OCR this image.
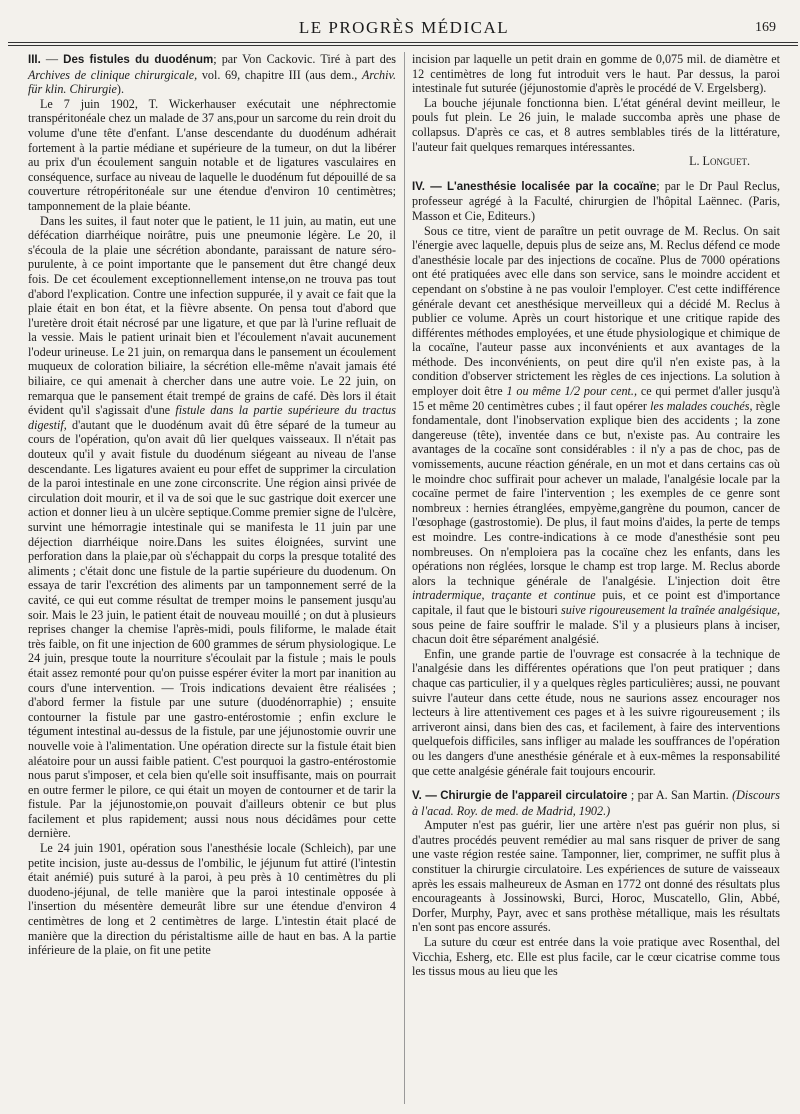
LE PROGRÈS MÉDICAL	169

III. — Des fistules du duodénum; par Von Cackovic. Tiré à part des Archives de clinique chirurgicale, vol. 69, chapitre III (aus dem., Archiv. für klin. Chirurgie).

Le 7 juin 1902, T. Wickerhauser exécutait une néphrectomie transpéritonéale chez un malade de 37 ans,pour un sarcome du rein droit du volume d'une tête d'enfant. L'anse descendante du duodénum adhérait fortement à la partie médiane et supérieure de la tumeur, on dut la libérer au prix d'un écoulement sanguin notable et de ligatures vasculaires en conséquence, surface au niveau de laquelle le duodénum fut dépouillé de sa couverture rétropéritonéale sur une étendue d'environ 10 centimètres; tamponnement de la plaie béante.

Dans les suites, il faut noter que le patient, le 11 juin, au matin, eut une défécation diarrhéique noirâtre, puis une pneumonie légère. Le 20, il s'écoula de la plaie une sécrétion abondante, paraissant de nature séro-purulente, à ce point importante que le pansement dut être changé deux fois. De cet écoulement exceptionnellement intense,on ne trouva pas tout d'abord l'explication. Contre une infection suppurée, il y avait ce fait que la plaie était en bon état, et la fièvre absente. On pensa tout d'abord que l'uretère droit était nécrosé par une ligature, et que par là l'urine refluait de la vessie. Mais le patient urinait bien et l'écoulement n'avait aucunement l'odeur urineuse. Le 21 juin, on remarqua dans le pansement un écoulement muqueux de coloration biliaire, la sécrétion elle-même n'avait jamais été biliaire, ce qui amenait à chercher dans une autre voie. Le 22 juin, on remarqua que le pansement était trempé de grains de café. Dès lors il était évident qu'il s'agissait d'une fistule dans la partie supérieure du tractus digestif, d'autant que le duodénum avait dû être séparé de la tumeur au cours de l'opération, qu'on avait dû lier quelques vaisseaux. Il n'était pas douteux qu'il y avait fistule du duodénum siégeant au niveau de l'anse descendante. Les ligatures avaient eu pour effet de supprimer la circulation de la paroi intestinale en une zone circonscrite. Une région ainsi privée de circulation doit mourir, et il va de soi que le suc gastrique doit exercer une action et donner lieu à un ulcère septique.Comme premier signe de l'ulcère, survint une hémorragie intestinale qui se manifesta le 11 juin par une déjection diarrhéique noire.Dans les suites éloignées, survint une perforation dans la plaie,par où s'échappait du corps la presque totalité des aliments ; c'était donc une fistule de la partie supérieure du duodenum. On essaya de tarir l'excrétion des aliments par un tamponnement serré de la cavité, ce qui eut comme résultat de tremper moins le pansement jusqu'au soir. Mais le 23 juin, le patient était de nouveau mouillé ; on dut à plusieurs reprises changer la chemise l'après-midi, pouls filiforme, le malade était très faible, on fit une injection de 600 grammes de sérum physiologique. Le 24 juin, presque toute la nourriture s'écoulait par la fistule ; mais le pouls était assez remonté pour qu'on puisse espérer éviter la mort par inanition au cours d'une intervention. — Trois indications devaient être réalisées ; d'abord fermer la fistule par une suture (duodénorraphie) ; ensuite contourner la fistule par une gastro-entérostomie ; enfin exclure le tégument intestinal au-dessus de la fistule, par une jéjunostomie ouvrir une nouvelle voie à l'alimentation. Une opération directe sur la fistule était bien aléatoire pour un aussi faible patient. C'est pourquoi la gastro-entérostomie nous parut s'imposer, et cela bien qu'elle soit insuffisante, mais on pourrait en outre fermer le pilore, ce qui était un moyen de contourner et de tarir la fistule. Par la jéjunostomie,on pouvait d'ailleurs obtenir ce but plus facilement et plus rapidement; aussi nous nous décidâmes pour cette dernière.

Le 24 juin 1901, opération sous l'anesthésie locale (Schleich), par une petite incision, juste au-dessus de l'ombilic, le jéjunum fut attiré (l'intestin était anémié) puis suturé à la paroi, à peu près à 10 centimètres du pli duodeno-jéjunal, de telle manière que la paroi intestinale opposée à l'insertion du mésentère demeurât libre sur une étendue d'environ 4 centimètres de long et 2 centimètres de large. L'intestin était placé de manière que la direction du péristaltisme aille de haut en bas. A la partie inférieure de la plaie, on fit une petite

incision par laquelle un petit drain en gomme de 0,075 mil. de diamètre et 12 centimètres de long fut introduit vers le haut. Par dessus, la paroi intestinale fut suturée (jéjunostomie d'après le procédé de V. Ergelsberg).

La bouche jéjunale fonctionna bien. L'état général devint meilleur, le pouls fut plein. Le 26 juin, le malade succomba après une phase de collapsus. D'après ce cas, et 8 autres semblables tirés de la littérature, l'auteur fait quelques remarques intéressantes.

L. Longuet.

IV. — L'anesthésie localisée par la cocaïne; par le Dr Paul Reclus, professeur agrégé à la Faculté, chirurgien de l'hôpital Laënnec. (Paris, Masson et Cie, Editeurs.)

Sous ce titre, vient de paraître un petit ouvrage de M. Reclus. On sait l'énergie avec laquelle, depuis plus de seize ans, M. Reclus défend ce mode d'anesthésie locale par des injections de cocaïne. Plus de 7000 opérations ont été pratiquées avec elle dans son service, sans le moindre accident et cependant on s'obstine à ne pas vouloir l'employer. C'est cette indifférence générale devant cet anesthésique merveilleux qui a décidé M. Reclus à publier ce volume. Après un court historique et une critique rapide des différentes méthodes employées, et une étude physiologique et chimique de la cocaïne, l'auteur passe aux inconvénients et aux avantages de la méthode. Des inconvénients, on peut dire qu'il n'en existe pas, à la condition d'observer strictement les règles de ces injections. La solution à employer doit être 1 ou même 1/2 pour cent., ce qui permet d'aller jusqu'à 15 et même 20 centimètres cubes ; il faut opérer les malades couchés, règle fondamentale, dont l'inobservation explique bien des accidents ; la zone dangereuse (tête), inventée dans ce but, n'existe pas. Au contraire les avantages de la cocaïne sont considérables : il n'y a pas de choc, pas de vomissements, aucune réaction générale, en un mot et dans certains cas où le moindre choc suffirait pour achever un malade, l'analgésie locale par la cocaïne permet de faire l'intervention ; les exemples de ce genre sont nombreux : hernies étranglées, empyème,gangrène du poumon, cancer de l'œsophage (gastrostomie). De plus, il faut moins d'aides, la perte de temps est moindre. Les contre-indications à ce mode d'anesthésie sont peu nombreuses. On n'emploiera pas la cocaïne chez les enfants, dans les opérations non réglées, lorsque le champ est trop large. M. Reclus aborde alors la technique générale de l'analgésie. L'injection doit être intradermique, traçante et continue puis, et ce point est d'importance capitale, il faut que le bistouri suive rigoureusement la traînée analgésique, sous peine de faire souffrir le malade. S'il y a plusieurs plans à inciser, chacun doit être séparément analgésié.

Enfin, une grande partie de l'ouvrage est consacrée à la technique de l'analgésie dans les différentes opérations que l'on peut pratiquer ; dans chaque cas particulier, il y a quelques règles particulières; aussi, ne pouvant suivre l'auteur dans cette étude, nous ne saurions assez encourager nos lecteurs à lire attentivement ces pages et à les suivre rigoureusement ; ils arriveront ainsi, dans bien des cas, et facilement, à faire des interventions quelquefois difficiles, sans infliger au malade les souffrances de l'opération ou les dangers d'une anesthésie générale et à eux-mêmes la responsabilité que cette analgésie générale fait toujours encourir.

V. — Chirurgie de l'appareil circulatoire ; par A. San Martin. (Discours à l'acad. Roy. de med. de Madrid, 1902.)

Amputer n'est pas guérir, lier une artère n'est pas guérir non plus, si d'autres procédés peuvent remédier au mal sans risquer de priver de sang une vaste région restée saine. Tamponner, lier, comprimer, ne suffit plus à constituer la chirurgie circulatoire. Les expériences de suture de vaisseaux après les essais malheureux de Asman en 1772 ont donné des résultats plus encourageants à Jossinowski, Burci, Horoc, Muscatello, Glin, Abbé, Dorfer, Murphy, Payr, avec et sans prothèse métallique, mais les résultats n'en sont pas encore assurés.

La suture du cœur est entrée dans la voie pratique avec Rosenthal, del Vicchia, Esherg, etc. Elle est plus facile, car le cœur cicatrise comme tous les tissus mous au lieu que les
